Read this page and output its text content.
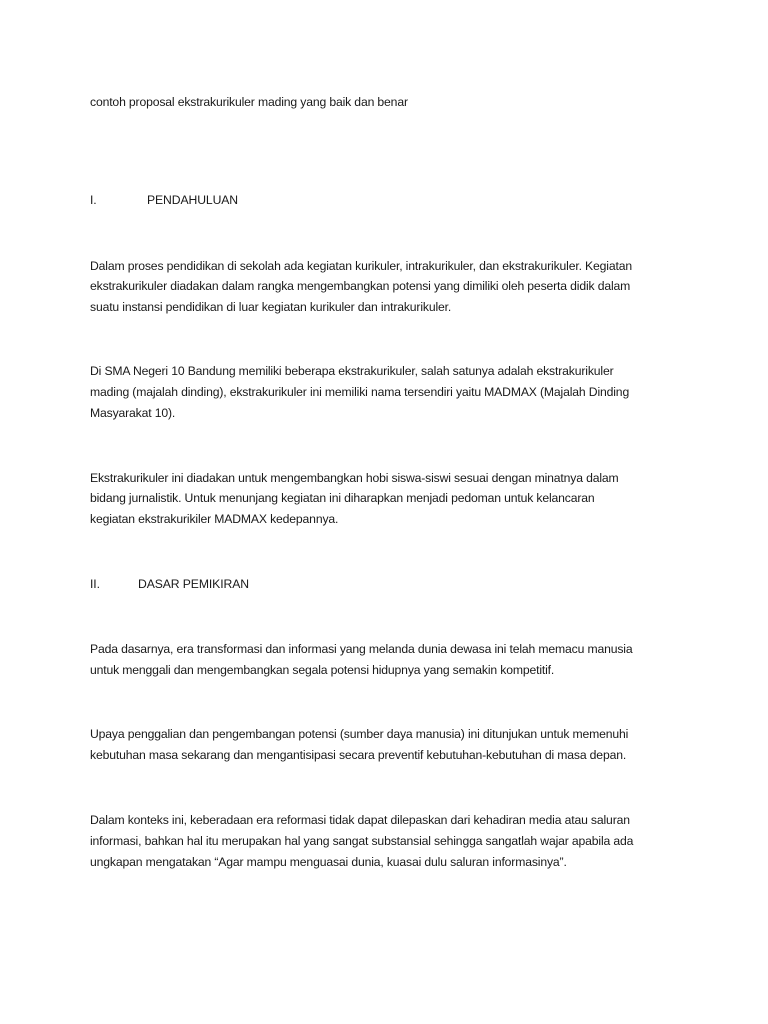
contoh proposal ekstrakurikuler mading yang baik dan benar
I.	PENDAHULUAN
Dalam proses pendidikan di sekolah ada kegiatan kurikuler, intrakurikuler, dan ekstrakurikuler. Kegiatan
ekstrakurikuler diadakan dalam rangka mengembangkan potensi yang dimiliki oleh peserta didik dalam
suatu instansi pendidikan di luar kegiatan kurikuler dan intrakurikuler.
Di SMA Negeri 10 Bandung memiliki beberapa ekstrakurikuler, salah satunya adalah ekstrakurikuler
mading (majalah dinding), ekstrakurikuler ini memiliki nama tersendiri yaitu MADMAX (Majalah Dinding
Masyarakat 10).
Ekstrakurikuler ini diadakan untuk mengembangkan hobi siswa-siswi sesuai dengan minatnya dalam
bidang jurnalistik. Untuk menunjang kegiatan ini diharapkan menjadi pedoman untuk kelancaran
kegiatan ekstrakurikiler MADMAX kedepannya.
II.	DASAR PEMIKIRAN
Pada dasarnya, era transformasi dan informasi yang melanda dunia dewasa ini telah memacu manusia
untuk menggali dan mengembangkan segala potensi hidupnya yang semakin kompetitif.
Upaya penggalian dan pengembangan potensi (sumber daya manusia) ini ditunjukan untuk memenuhi
kebutuhan masa sekarang dan mengantisipasi secara preventif kebutuhan-kebutuhan di masa depan.
Dalam konteks ini, keberadaan era reformasi tidak dapat dilepaskan dari kehadiran media atau saluran
informasi, bahkan hal itu merupakan hal yang sangat substansial sehingga sangatlah wajar apabila ada
ungkapan mengatakan “Agar mampu menguasai dunia, kuasai dulu saluran informasinya”.
